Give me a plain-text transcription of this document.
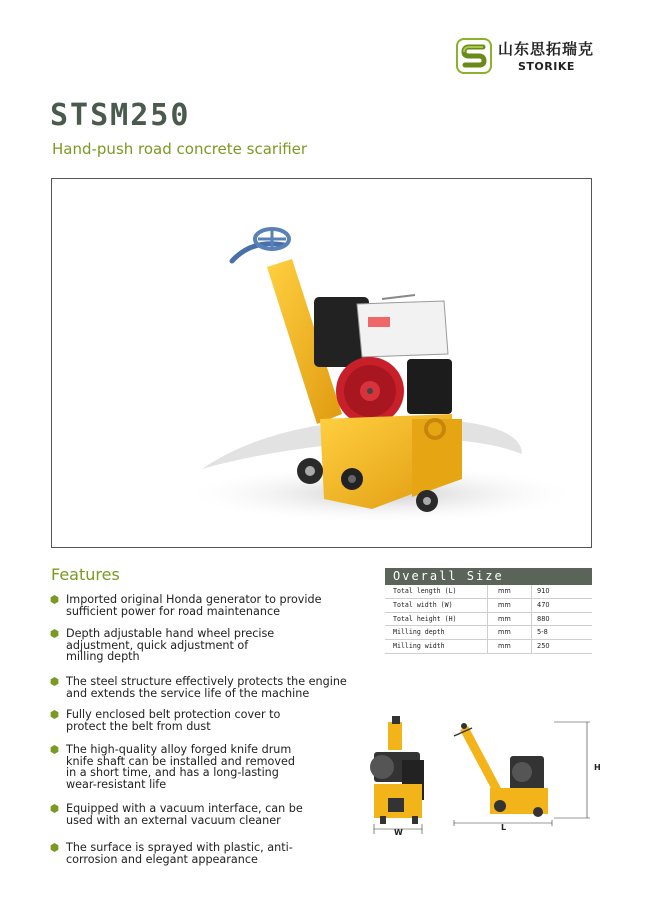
山东思拓瑞克
STORIKE
STSM250
Hand-push road concrete scarifier
Features
Imported original Honda generator to provide sufficient power for road maintenance
Depth adjustable hand wheel precise adjustment, quick adjustment of milling depth
The steel structure effectively protects the engine and extends the service life of the machine
Fully enclosed belt protection cover to protect the belt from dust
The high-quality alloy forged knife drum knife shaft can be installed and removed in a short time, and has a long-lasting wear-resistant life
Equipped with a vacuum interface, can be used with an external vacuum cleaner
The surface is sprayed with plastic, anti-corrosion and elegant appearance
Overall Size
Total length (L)	mm	910
Total width (W)	mm	470
Total height (H)	mm	880
Milling depth	mm	5-8
Milling width	mm	250
W
L
H
